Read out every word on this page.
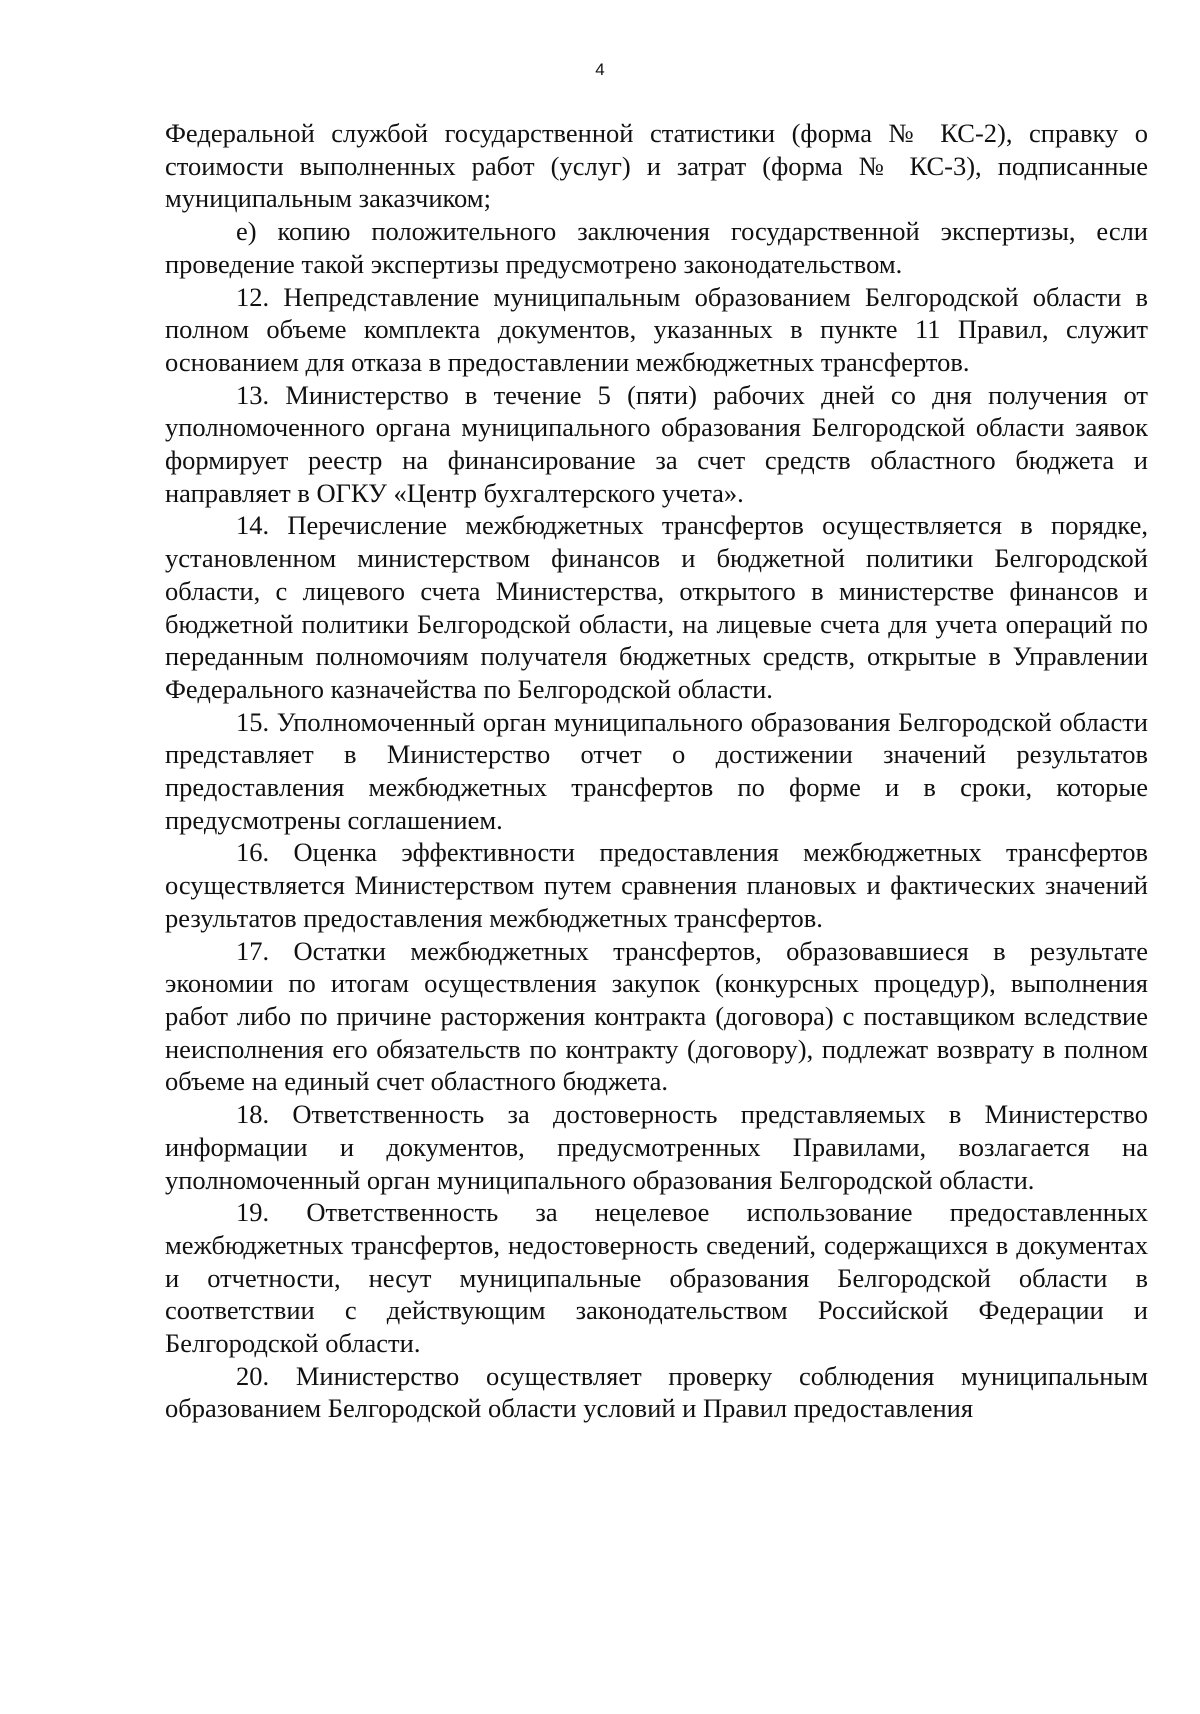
4

Федеральной службой государственной статистики (форма № КС-2), справку о стоимости выполненных работ (услуг) и затрат (форма № КС-3), подписанные муниципальным заказчиком;

е) копию положительного заключения государственной экспертизы, если проведение такой экспертизы предусмотрено законодательством.

12. Непредставление муниципальным образованием Белгородской области в полном объеме комплекта документов, указанных в пункте 11 Правил, служит основанием для отказа в предоставлении межбюджетных трансфертов.

13. Министерство в течение 5 (пяти) рабочих дней со дня получения от уполномоченного органа муниципального образования Белгородской области заявок формирует реестр на финансирование за счет средств областного бюджета и направляет в ОГКУ «Центр бухгалтерского учета».

14. Перечисление межбюджетных трансфертов осуществляется в порядке, установленном министерством финансов и бюджетной политики Белгородской области, с лицевого счета Министерства, открытого в министерстве финансов и бюджетной политики Белгородской области, на лицевые счета для учета операций по переданным полномочиям получателя бюджетных средств, открытые в Управлении Федерального казначейства по Белгородской области.

15. Уполномоченный орган муниципального образования Белгородской области представляет в Министерство отчет о достижении значений результатов предоставления межбюджетных трансфертов по форме и в сроки, которые предусмотрены соглашением.

16. Оценка эффективности предоставления межбюджетных трансфертов осуществляется Министерством путем сравнения плановых и фактических значений результатов предоставления межбюджетных трансфертов.

17. Остатки межбюджетных трансфертов, образовавшиеся в результате экономии по итогам осуществления закупок (конкурсных процедур), выполнения работ либо по причине расторжения контракта (договора) с поставщиком вследствие неисполнения его обязательств по контракту (договору), подлежат возврату в полном объеме на единый счет областного бюджета.

18. Ответственность за достоверность представляемых в Министерство информации и документов, предусмотренных Правилами, возлагается на уполномоченный орган муниципального образования Белгородской области.

19. Ответственность за нецелевое использование предоставленных межбюджетных трансфертов, недостоверность сведений, содержащихся в документах и отчетности, несут муниципальные образования Белгородской области в соответствии с действующим законодательством Российской Федерации и Белгородской области.

20. Министерство осуществляет проверку соблюдения муниципальным образованием Белгородской области условий и Правил предоставления
